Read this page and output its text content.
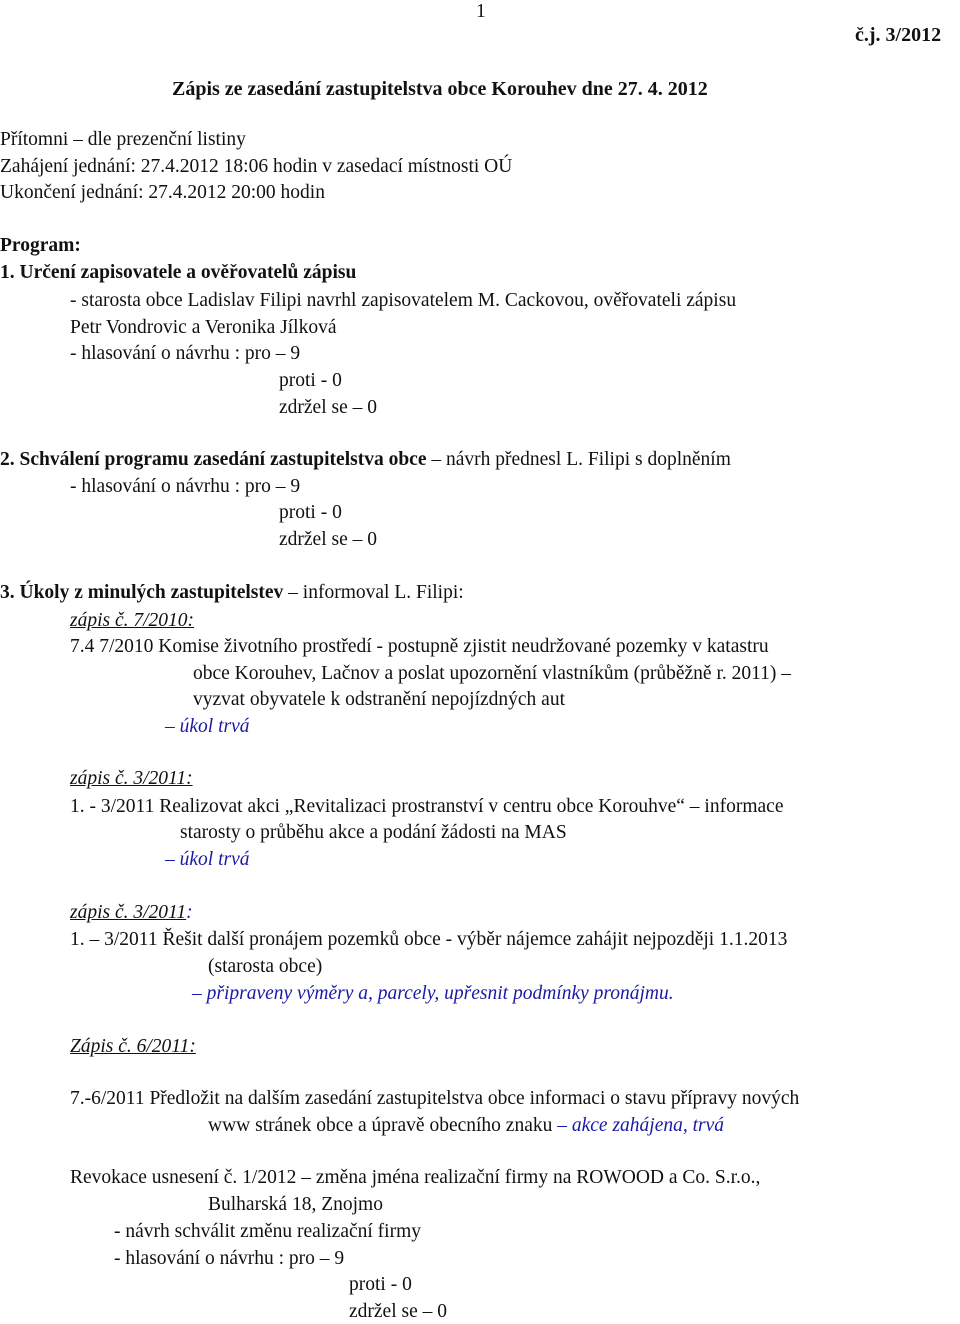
1
č.j. 3/2012
Zápis ze zasedání zastupitelstva obce Korouhev dne 27. 4. 2012
Přítomni – dle prezenční listiny
Zahájení jednání: 27.4.2012 18:06 hodin v zasedací místnosti OÚ
Ukončení jednání: 27.4.2012 20:00 hodin
Program:
1. Určení zapisovatele a ověřovatelů zápisu
- starosta obce Ladislav Filipi navrhl zapisovatelem M. Cackovou, ověřovateli zápisu
Petr Vondrovic a Veronika Jílková
- hlasování o návrhu : pro – 9
proti - 0
zdržel se – 0
2. Schválení programu zasedání zastupitelstva obce – návrh přednesl L. Filipi s doplněním
- hlasování o návrhu : pro – 9
proti - 0
zdržel se – 0
3. Úkoly z minulých zastupitelstev – informoval L. Filipi:
zápis č. 7/2010:
7.4 7/2010 Komise životního prostředí - postupně zjistit neudržované pozemky v katastru
obce Korouhev, Lačnov a poslat upozornění vlastníkům (průběžně r. 2011) –
vyzvat obyvatele k odstranění nepojízdných aut
– úkol trvá
zápis č. 3/2011:
1. - 3/2011 Realizovat akci „Revitalizaci prostranství v centru obce Korouhve“ – informace
starosty o průběhu akce a podání žádosti na MAS
– úkol trvá
zápis č. 3/2011:
1. – 3/2011 Řešit další pronájem pozemků obce - výběr nájemce zahájit nejpozději 1.1.2013
(starosta obce)
– připraveny výměry a, parcely, upřesnit podmínky pronájmu.
Zápis č. 6/2011:
7.-6/2011 Předložit na dalším zasedání zastupitelstva obce informaci o stavu přípravy nových
www stránek obce a úpravě obecního znaku – akce zahájena, trvá
Revokace usnesení č. 1/2012 – změna jména realizační firmy na ROWOOD a Co. S.r.o.,
Bulharská 18, Znojmo
- návrh schválit změnu realizační firmy
- hlasování o návrhu : pro – 9
proti - 0
zdržel se – 0
